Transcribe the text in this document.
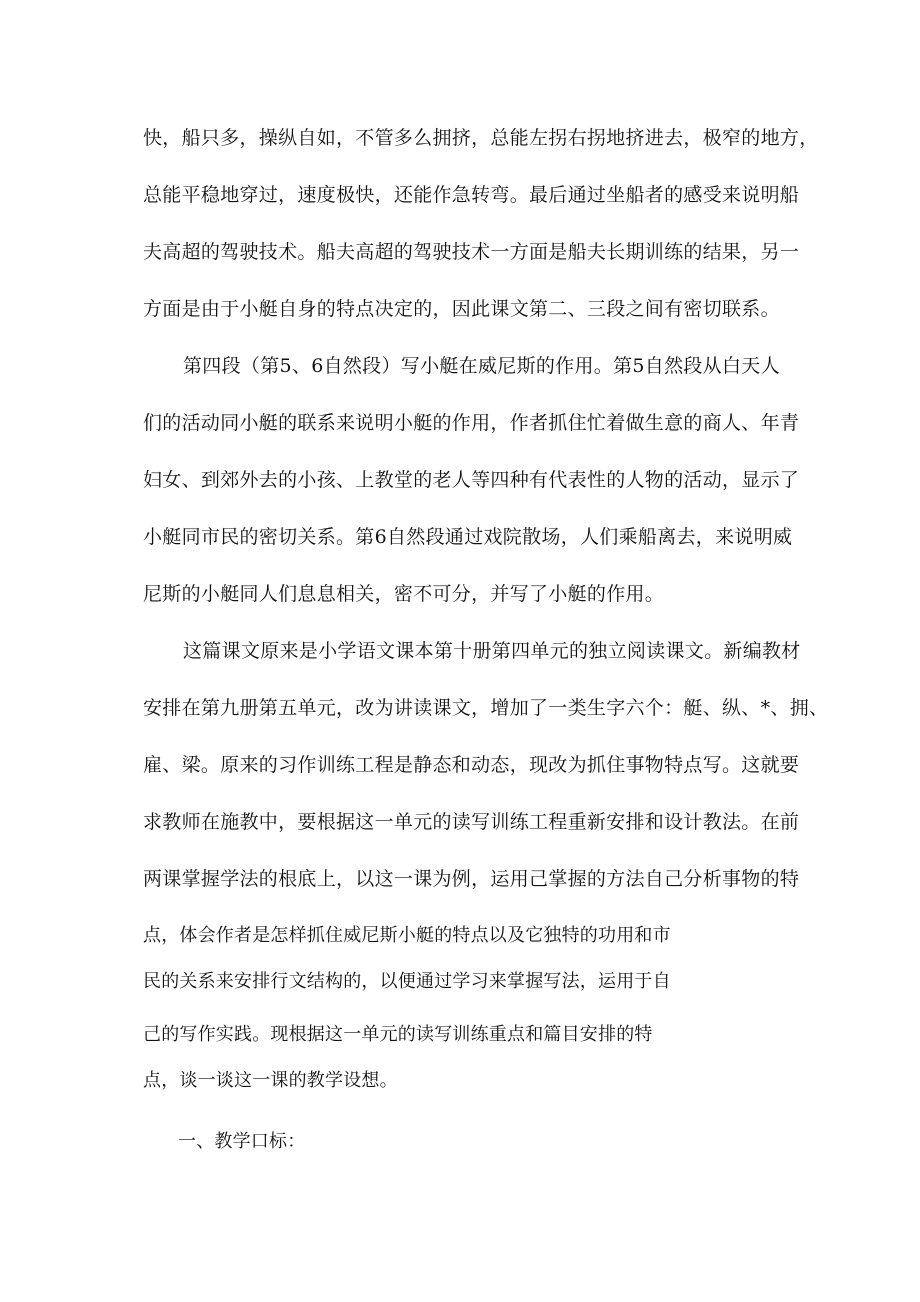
快，船只多，操纵自如，不管多么拥挤，总能左拐右拐地挤进去，极窄的地方，
总能平稳地穿过，速度极快，还能作急转弯。最后通过坐船者的感受来说明船
夫高超的驾驶技术。船夫高超的驾驶技术一方面是船夫长期训练的结果，另一
方面是由于小艇自身的特点决定的，因此课文第二、三段之间有密切联系。
第四段（第5、6自然段）写小艇在威尼斯的作用。第5自然段从白天人
们的活动同小艇的联系来说明小艇的作用，作者抓住忙着做生意的商人、年青
妇女、到郊外去的小孩、上教堂的老人等四种有代表性的人物的活动，显示了
小艇同市民的密切关系。第6自然段通过戏院散场，人们乘船离去，来说明威
尼斯的小艇同人们息息相关，密不可分，并写了小艇的作用。
这篇课文原来是小学语文课本第十册第四单元的独立阅读课文。新编教材
安排在第九册第五单元，改为讲读课文，增加了一类生字六个：艇、纵、*、拥、
雇、梁。原来的习作训练工程是静态和动态，现改为抓住事物特点写。这就要
求教师在施教中，要根据这一单元的读写训练工程重新安排和设计教法。在前
两课掌握学法的根底上，以这一课为例，运用己掌握的方法自己分析事物的特
点，体会作者是怎样抓住威尼斯小艇的特点以及它独特的功用和市
民的关系来安排行文结构的，以便通过学习来掌握写法，运用于自
己的写作实践。现根据这一单元的读写训练重点和篇目安排的特
点，谈一谈这一课的教学设想。
一、教学口标：
